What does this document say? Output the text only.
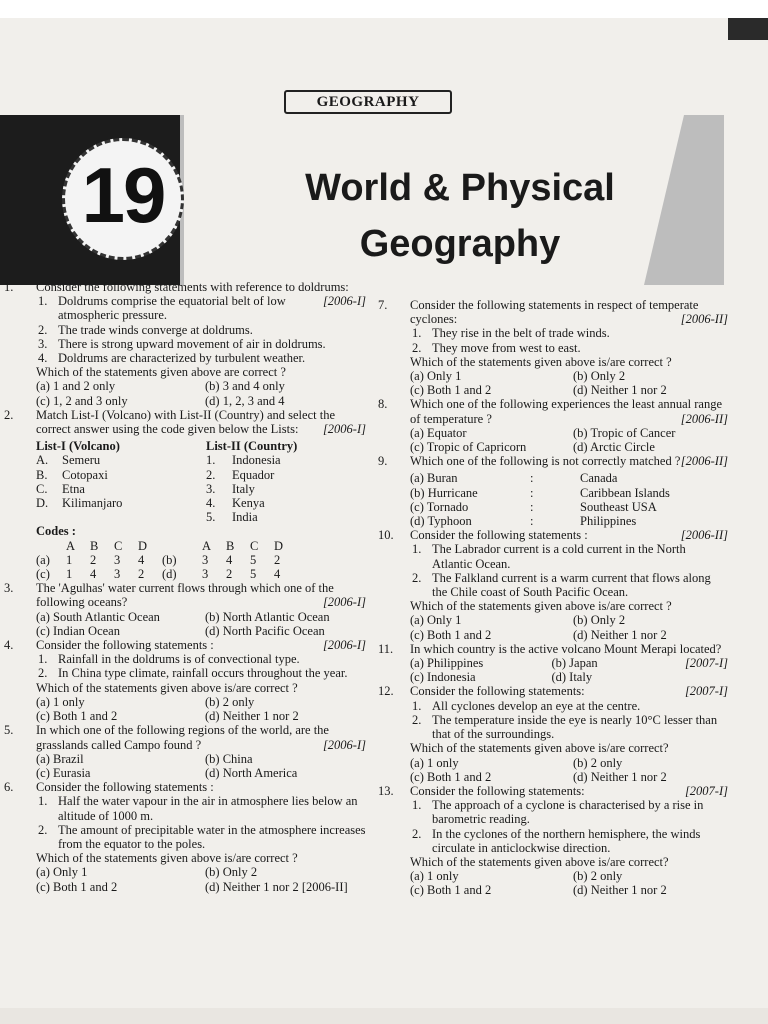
GEOGRAPHY
19	World & Physical
Geography
1.	Consider the following statements with reference to doldrums:
[2006-I]
1. Doldrums comprise the equatorial belt of low atmospheric pressure.
2. The trade winds converge at doldrums.
3. There is strong upward movement of air in doldrums.
4. Doldrums are characterized by turbulent weather.
Which of the statements given above are correct ?
(a) 1 and 2 only	(b) 3 and 4 only
(c) 1, 2 and 3 only	(d) 1, 2, 3 and 4
2.	Match List-I (Volcano) with List-II (Country) and select the correct answer using the code given below the Lists: [2006-I]
List-I (Volcano)
A. Semeru
B. Cotopaxi
C. Etna
D. Kilimanjaro
List-II (Country)
1. Indonesia
2. Equador
3. Italy
4. Kenya
5. India
Codes :
A	B	C	D	A	B	C	D
(a)	1	2	3	4	(b)	3	4	5	2
(c)	1	4	3	2	(d)	3	2	5	4
3.	The 'Agulhas' water current flows through which one of the following oceans?	[2006-I]
(a) South Atlantic Ocean	(b) North Atlantic Ocean
(c) Indian Ocean	(d) North Pacific Ocean
4.	Consider the following statements :	[2006-I]
1. Rainfall in the doldrums is of convectional type.
2. In China type climate, rainfall occurs throughout the year.
Which of the statements given above is/are correct ?
(a) 1 only	(b) 2 only
(c) Both 1 and 2	(d) Neither 1 nor 2
5.	In which one of the following regions of the world, are the grasslands called Campo found ?	[2006-I]
(a) Brazil	(b) China
(c) Eurasia	(d) North America
6.	Consider the following statements :
1. Half the water vapour in the air in atmosphere lies below an altitude of 1000 m.
2. The amount of precipitable water in the atmosphere increases from the equator to the poles.
Which of the statements given above is/are correct ?
(a) Only 1	(b) Only 2
(c) Both 1 and 2	(d) Neither 1 nor 2 [2006-II]
7.	Consider the following statements in respect of temperate cyclones:	[2006-II]
1. They rise in the belt of trade winds.
2. They move from west to east.
Which of the statements given above is/are correct ?
(a) Only 1	(b) Only 2
(c) Both 1 and 2	(d) Neither 1 nor 2
8.	Which one of the following experiences the least annual range of temperature ?	[2006-II]
(a) Equator	(b) Tropic of Cancer
(c) Tropic of Capricorn	(d) Arctic Circle
9.	Which one of the following is not correctly matched ? [2006-II]
(a) Buran	:	Canada
(b) Hurricane	:	Caribbean Islands
(c) Tornado	:	Southeast USA
(d) Typhoon	:	Philippines
10.	Consider the following statements :	[2006-II]
1. The Labrador current is a cold current in the North Atlantic Ocean.
2. The Falkland current is a warm current that flows along the Chile coast of South Pacific Ocean.
Which of the statements given above is/are correct ?
(a) Only 1	(b) Only 2
(c) Both 1 and 2	(d) Neither 1 nor 2
11.	In which country is the active volcano Mount Merapi located?
[2007-I]
(a) Philippines	(b) Japan
(c) Indonesia	(d) Italy
12.	Consider the following statements:	[2007-I]
1. All cyclones develop an eye at the centre.
2. The temperature inside the eye is nearly 10°C lesser than that of the surroundings.
Which of the statements given above is/are correct?
(a) 1 only	(b) 2 only
(c) Both 1 and 2	(d) Neither 1 nor 2
13.	Consider the following statements:	[2007-I]
1. The approach of a cyclone is characterised by a rise in barometric reading.
2. In the cyclones of the northern hemisphere, the winds circulate in anticlockwise direction.
Which of the statements given above is/are correct?
(a) 1 only	(b) 2 only
(c) Both 1 and 2	(d) Neither 1 nor 2
